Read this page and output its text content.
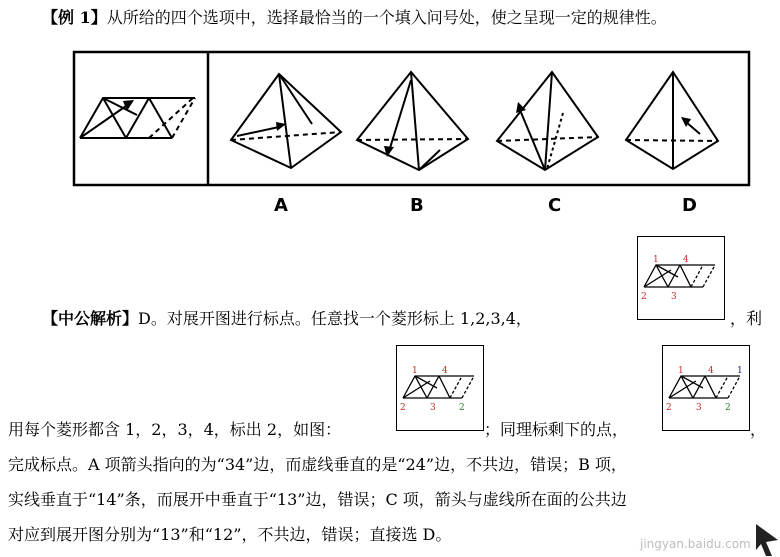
【例 1】从所给的四个选项中，选择最恰当的一个填入问号处，使之呈现一定的规律性。
A	B	C	D
1	4
2	3
【中公解析】D。对展开图进行标点。任意找一个菱形标上 1,2,3,4，	，利
1	4
2	3	2
1	4	1
2	3	2
用每个菱形都含 1，2，3，4，标出 2，如图：	；同理标剩下的点，	，
完成标点。A 项箭头指向的为“34”边，而虚线垂直的是“24”边，不共边，错误；B 项，
实线垂直于“14”条，而展开中垂直于“13”边，错误；C 项，箭头与虚线所在面的公共边
对应到展开图分别为“13”和“12”，不共边，错误；直接选 D。	jingyan.baidu.com
